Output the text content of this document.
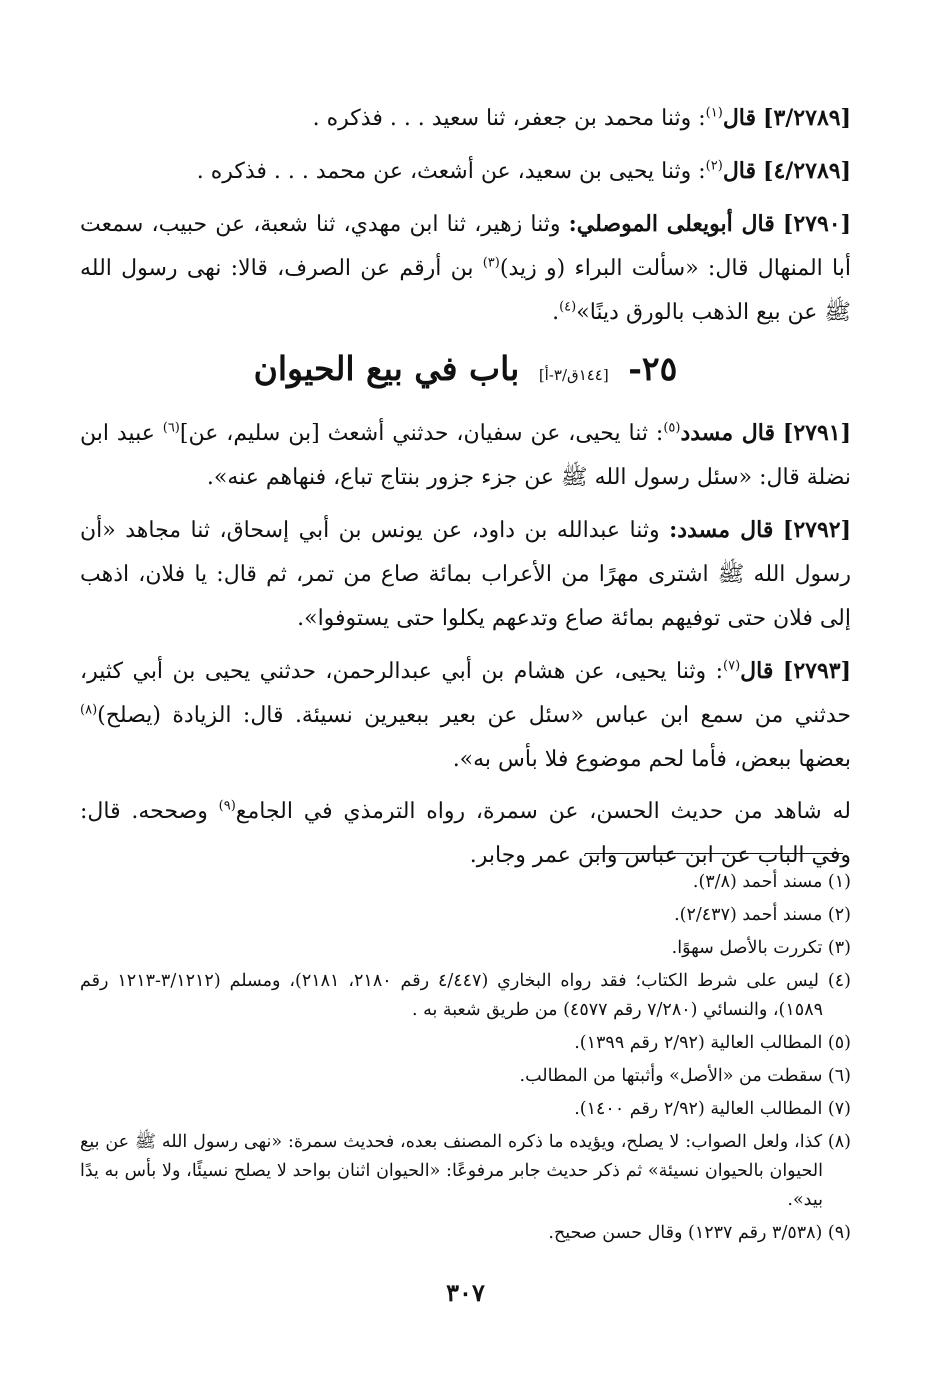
[٣/٢٧٨٩] قال$^{(١)}$: وثنا محمد بن جعفر، ثنا سعيد . . . فذكره .

[٤/٢٧٨٩] قال$^{(٢)}$: وثنا يحيى بن سعيد، عن أشعث، عن محمد . . . فذكره .

[٢٧٩٠] قال أبويعلى الموصلي: وثنا زهير، ثنا ابن مهدي، ثنا شعبة، عن حبيب، سمعت أبا المنهال قال: «سألت البراء (و زيد)$^{(٣)}$ بن أرقم عن الصرف، قالا: نهى رسول الله ﷺ عن بيع الذهب بالورق دينًا»$^{(٤)}$.

٢٥- [١٤٤ق/٣-أ] باب في بيع الحيوان

[٢٧٩١] قال مسدد$^{(٥)}$: ثنا يحيى، عن سفيان، حدثني أشعث [بن سليم، عن]$^{(٦)}$ عبيد ابن نضلة قال: «سئل رسول الله ﷺ عن جزء جزور بنتاج تباع، فنهاهم عنه».

[٢٧٩٢] قال مسدد: وثنا عبدالله بن داود، عن يونس بن أبي إسحاق، ثنا مجاهد «أن رسول الله ﷺ اشترى مهرًا من الأعراب بمائة صاع من تمر، ثم قال: يا فلان، اذهب إلى فلان حتى توفيهم بمائة صاع وتدعهم يكلوا حتى يستوفوا».

[٢٧٩٣] قال$^{(٧)}$: وثنا يحيى، عن هشام بن أبي عبدالرحمن، حدثني يحيى بن أبي كثير، حدثني من سمع ابن عباس «سئل عن بعير ببعيرين نسيئة. قال: الزيادة (يصلح)$^{(٨)}$ بعضها ببعض، فأما لحم موضوع فلا بأس به».

له شاهد من حديث الحسن، عن سمرة، رواه الترمذي في الجامع$^{(٩)}$ وصححه. قال: وفي الباب عن ابن عباس وابن عمر وجابر.

(١) مسند أحمد (٣/٨).

(٢) مسند أحمد (٢/٤٣٧).

(٣) تكررت بالأصل سهوًا.

(٤) ليس على شرط الكتاب؛ فقد رواه البخاري (٤/٤٤٧ رقم ٢١٨٠، ٢١٨١)، ومسلم (٣/١٢١٢-١٢١٣ رقم ١٥٨٩)، والنسائي (٧/٢٨٠ رقم ٤٥٧٧) من طريق شعبة به .

(٥) المطالب العالية (٢/٩٢ رقم ١٣٩٩).

(٦) سقطت من «الأصل» وأثبتها من المطالب.

(٧) المطالب العالية (٢/٩٢ رقم ١٤٠٠).

(٨) كذا، ولعل الصواب: لا يصلح، ويؤيده ما ذكره المصنف بعده، فحديث سمرة: «نهى رسول الله ﷺ عن بيع الحيوان بالحيوان نسيئة» ثم ذكر حديث جابر مرفوعًا: «الحيوان اثنان بواحد لا يصلح نسيئًا، ولا بأس به يدًا بيد».

(٩) (٣/٥٣٨ رقم ١٢٣٧) وقال حسن صحيح.

٣٠٧
